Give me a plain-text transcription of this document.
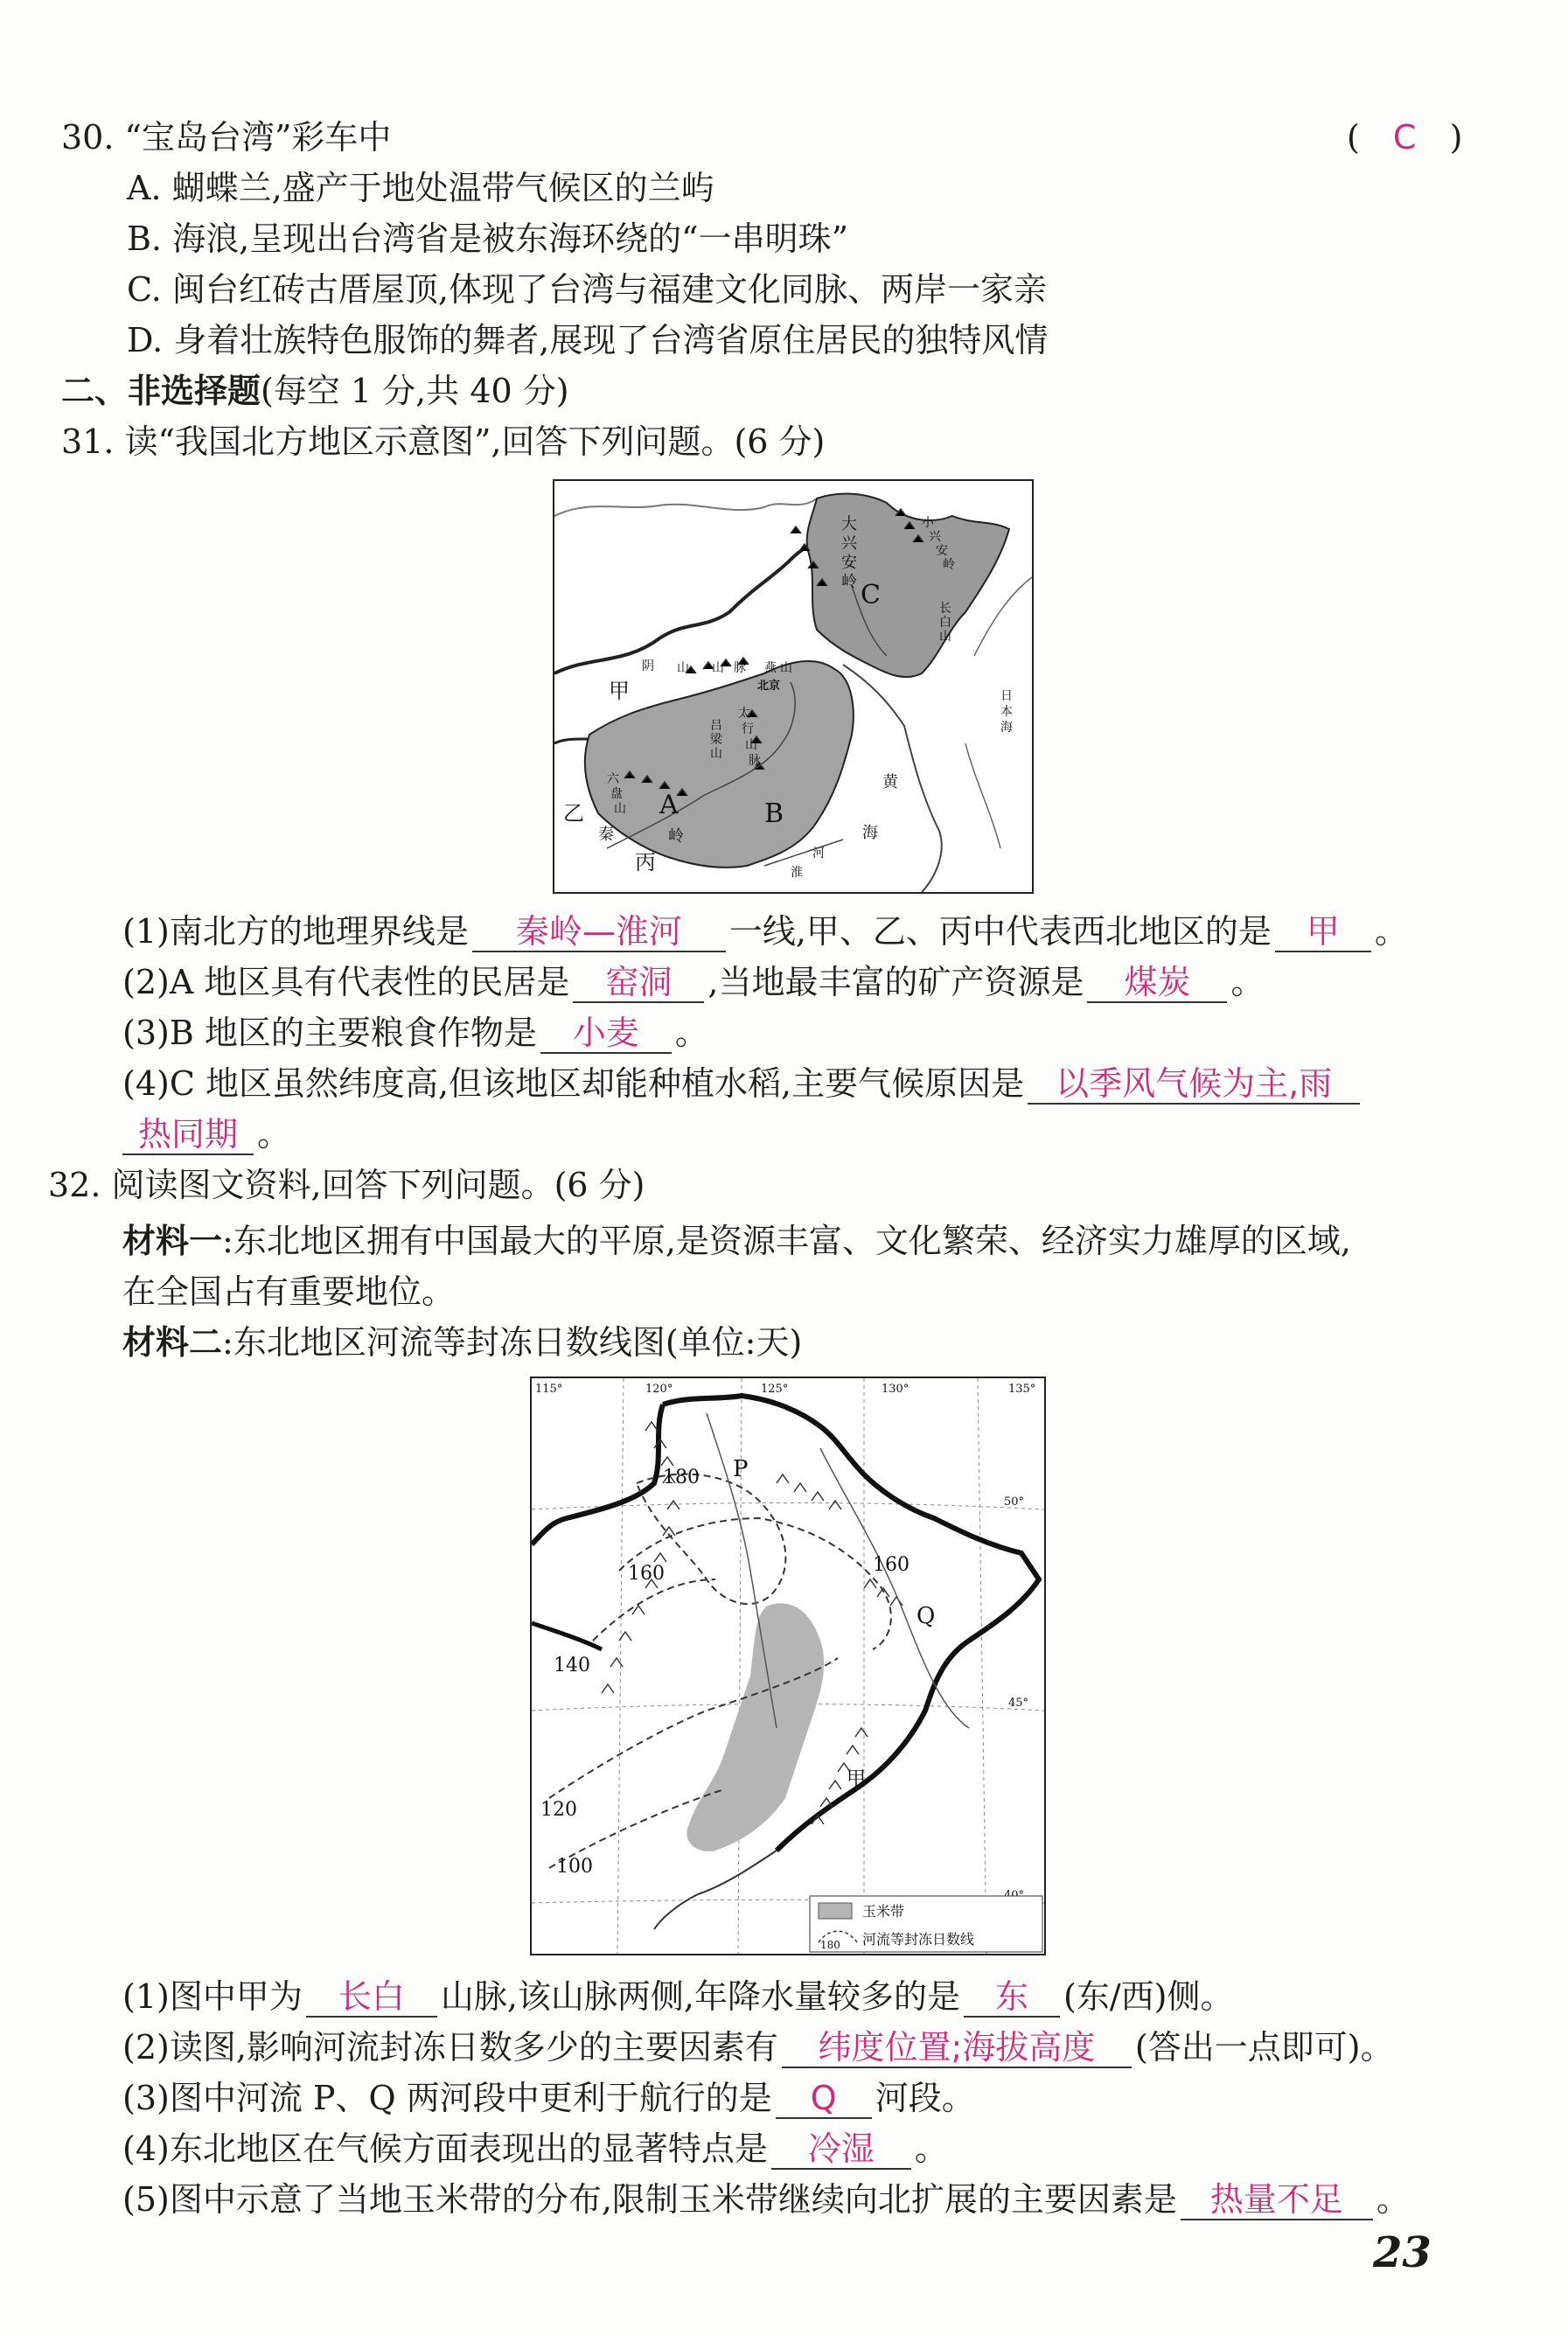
30. “宝岛台湾”彩车中	( C )
A. 蝴蝶兰,盛产于地处温带气候区的兰屿
B. 海浪,呈现出台湾省是被东海环绕的“一串明珠”
C. 闽台红砖古厝屋顶,体现了台湾与福建文化同脉、两岸一家亲
D. 身着壮族特色服饰的舞者,展现了台湾省原住居民的独特风情
二、非选择题(每空 1 分,共 40 分)
31. 读“我国北方地区示意图”,回答下列问题。(6 分)
大
兴
安
岭 C
小
兴
安
岭
长
白
山
甲
乙
丙
A	B
阴 山 山 脉
北京
燕 山
吕
梁
山
太
行
山
脉
六
盘
山
秦	岭
淮
河
黄
海
日
本
海
(1)南北方的地理界线是 秦岭—淮河 一线,甲、乙、丙中代表西北地区的是 甲 。
(2)A 地区具有代表性的民居是 窑洞 ,当地最丰富的矿产资源是 煤炭 。
(3)B 地区的主要粮食作物是 小麦 。
(4)C 地区虽然纬度高,但该地区却能种植水稻,主要气候原因是 以季风气候为主,雨
热同期 。
32. 阅读图文资料,回答下列问题。(6 分)
材料一:东北地区拥有中国最大的平原,是资源丰富、文化繁荣、经济实力雄厚的区域,
在全国占有重要地位。
材料二:东北地区河流等封冻日数线图(单位:天)
115°	120°	125°	130°	135°
50°
45°
180 P
160	160
Q
140
甲
120
100
玉米带
180 河流等封冻日数线
(1)图中甲为 长白 山脉,该山脉两侧,年降水量较多的是 东 (东/西)侧。
(2)读图,影响河流封冻日数多少的主要因素有 纬度位置;海拔高度 (答出一点即可)。
(3)图中河流 P、Q 两河段中更利于航行的是 Q 河段。
(4)东北地区在气候方面表现出的显著特点是 冷湿 。
(5)图中示意了当地玉米带的分布,限制玉米带继续向北扩展的主要因素是 热量不足 。
23
